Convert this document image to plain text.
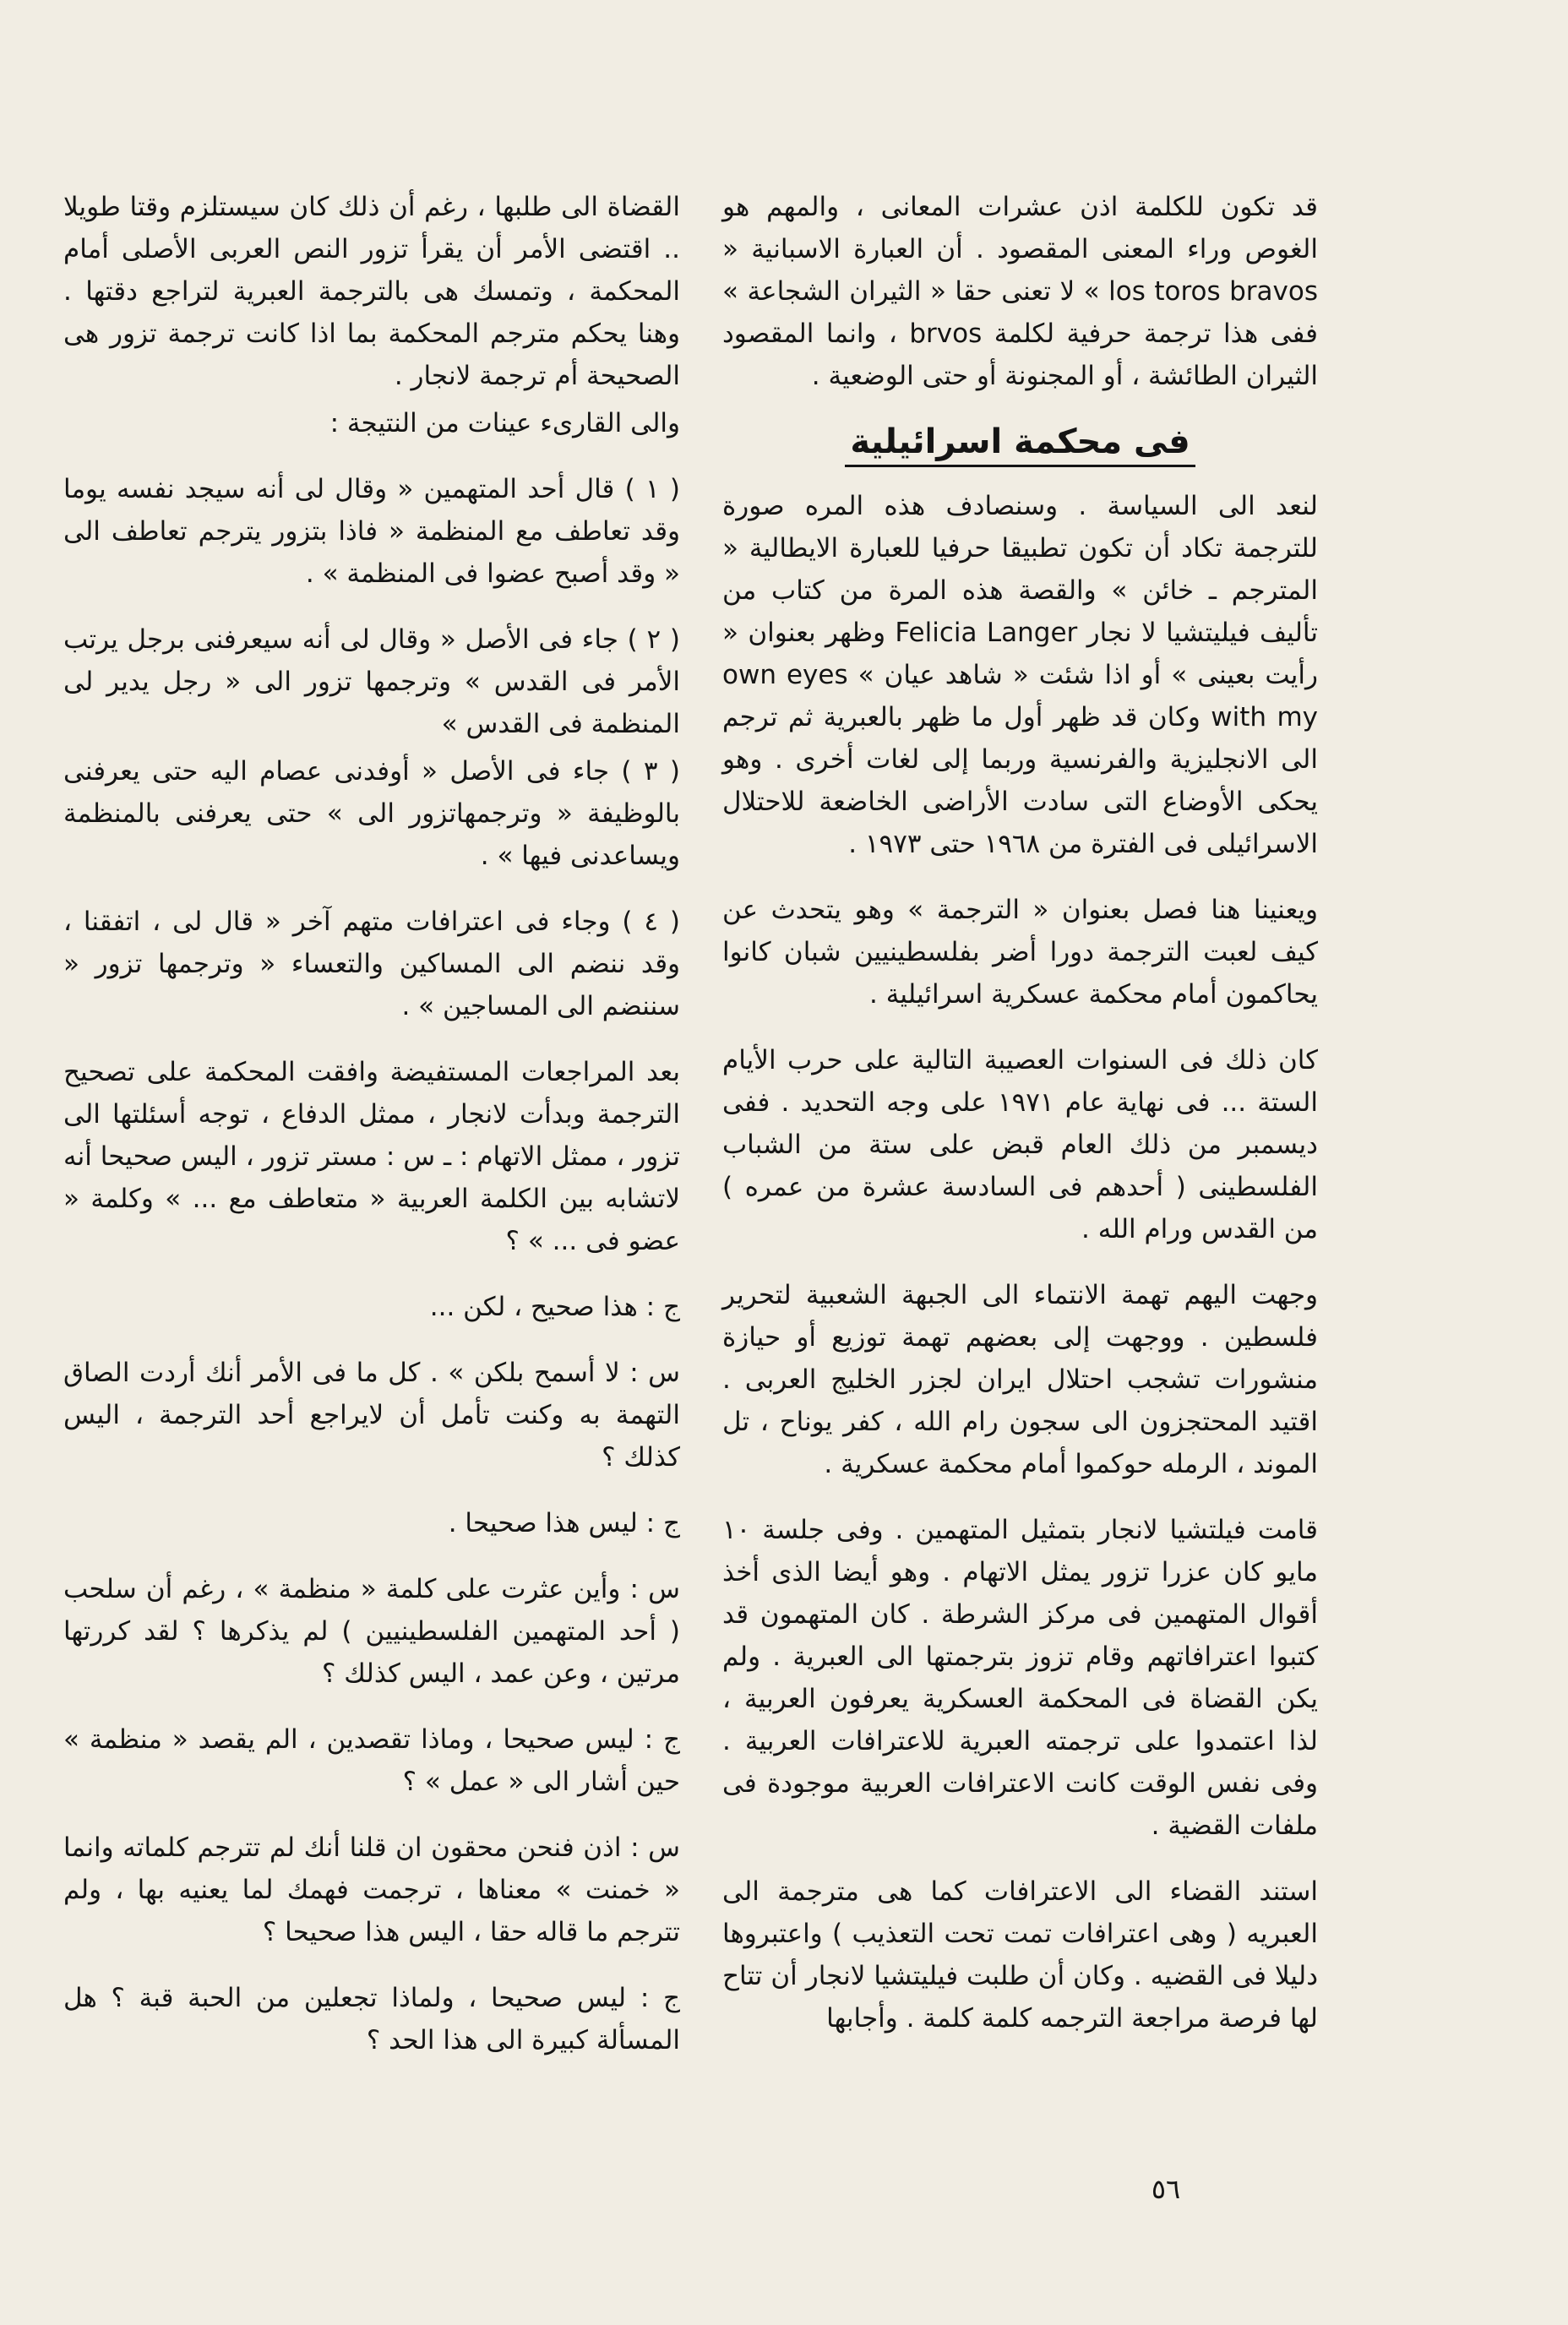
قد تكون للكلمة اذن عشرات المعانى ، والمهم هو الغوص وراء المعنى المقصود . أن العبارة الاسبانية « los toros bravos » لا تعنى حقا « الثيران الشجاعة » ففى هذا ترجمة حرفية لكلمة brvos ، وانما المقصود الثيران الطائشة ، أو المجنونة أو حتى الوضعية .

فى محكمة اسرائيلية

لنعد الى السياسة . وسنصادف هذه المره صورة للترجمة تكاد أن تكون تطبيقا حرفيا للعبارة الايطالية « المترجم ـ خائن » والقصة هذه المرة من كتاب من تأليف فيليتشيا لا نجار Felicia Langer وظهر بعنوان « رأيت بعينى » أو اذا شئت « شاهد عيان » own eyes with my وكان قد ظهر أول ما ظهر بالعبرية ثم ترجم الى الانجليزية والفرنسية وربما إلى لغات أخرى . وهو يحكى الأوضاع التى سادت الأراضى الخاضعة للاحتلال الاسرائيلى فى الفترة من ١٩٦٨ حتى ١٩٧٣ .

ويعنينا هنا فصل بعنوان « الترجمة » وهو يتحدث عن كيف لعبت الترجمة دورا أضر بفلسطينيين شبان كانوا يحاكمون أمام محكمة عسكرية اسرائيلية .

كان ذلك فى السنوات العصيبة التالية على حرب الأيام الستة ... فى نهاية عام ١٩٧١ على وجه التحديد . ففى ديسمبر من ذلك العام قبض على ستة من الشباب الفلسطينى ( أحدهم فى السادسة عشرة من عمره ) من القدس ورام الله .

وجهت اليهم تهمة الانتماء الى الجبهة الشعبية لتحرير فلسطين . ووجهت إلى بعضهم تهمة توزيع أو حيازة منشورات تشجب احتلال ايران لجزر الخليج العربى . اقتيد المحتجزون الى سجون رام الله ، كفر يوناح ، تل الموند ، الرمله حوكموا أمام محكمة عسكرية .

قامت فيلتشيا لانجار بتمثيل المتهمين . وفى جلسة ١٠ مايو كان عزرا تزور يمثل الاتهام . وهو أيضا الذى أخذ أقوال المتهمين فى مركز الشرطة . كان المتهمون قد كتبوا اعترافاتهم وقام تزوز بترجمتها الى العبرية . ولم يكن القضاة فى المحكمة العسكرية يعرفون العربية ، لذا اعتمدوا على ترجمته العبرية للاعترافات العربية . وفى نفس الوقت كانت الاعترافات العربية موجودة فى ملفات القضية .

استند القضاء الى الاعترافات كما هى مترجمة الى العبريه ( وهى اعترافات تمت تحت التعذيب ) واعتبروها دليلا فى القضيه . وكان أن طلبت فيليتشيا لانجار أن تتاح لها فرصة مراجعة الترجمه كلمة كلمة . وأجابها

القضاة الى طلبها ، رغم أن ذلك كان سيستلزم وقتا طويلا .. اقتضى الأمر أن يقرأ تزور النص العربى الأصلى أمام المحكمة ، وتمسك هى بالترجمة العبرية لتراجع دقتها . وهنا يحكم مترجم المحكمة بما اذا كانت ترجمة تزور هى الصحيحة أم ترجمة لانجار .

والى القارىء عينات من النتيجة :

( ١ ) قال أحد المتهمين « وقال لى أنه سيجد نفسه يوما وقد تعاطف مع المنظمة « فاذا بتزور يترجم تعاطف الى « وقد أصبح عضوا فى المنظمة » .

( ٢ ) جاء فى الأصل « وقال لى أنه سيعرفنى برجل يرتب الأمر فى القدس » وترجمها تزور الى « رجل يدير لى المنظمة فى القدس »

( ٣ ) جاء فى الأصل « أوفدنى عصام اليه حتى يعرفنى بالوظيفة « وترجمهاتزور الى » حتى يعرفنى بالمنظمة ويساعدنى فيها » .

( ٤ ) وجاء فى اعترافات متهم آخر « قال لى ، اتفقنا ، وقد ننضم الى المساكين والتعساء « وترجمها تزور « سننضم الى المساجين » .

بعد المراجعات المستفيضة وافقت المحكمة على تصحيح الترجمة وبدأت لانجار ، ممثل الدفاع ، توجه أسئلتها الى تزور ، ممثل الاتهام : ـ س : مستر تزور ، اليس صحيحا أنه لاتشابه بين الكلمة العربية « متعاطف مع ... » وكلمة « عضو فى ... » ؟

ج : هذا صحيح ، لكن ...

س : لا أسمح بلكن » . كل ما فى الأمر أنك أردت الصاق التهمة به وكنت تأمل أن لايراجع أحد الترجمة ، اليس كذلك ؟

ج : ليس هذا صحيحا .

س : وأين عثرت على كلمة « منظمة » ، رغم أن سلحب ( أحد المتهمين الفلسطينيين ) لم يذكرها ؟ لقد كررتها مرتين ، وعن عمد ، اليس كذلك ؟

ج : ليس صحيحا ، وماذا تقصدين ، الم يقصد « منظمة » حين أشار الى « عمل » ؟

س : اذن فنحن محقون ان قلنا أنك لم تترجم كلماته وانما « خمنت » معناها ، ترجمت فهمك لما يعنيه بها ، ولم تترجم ما قاله حقا ، اليس هذا صحيحا ؟

ج : ليس صحيحا ، ولماذا تجعلين من الحبة قبة ؟ هل المسألة كبيرة الى هذا الحد ؟

٥٦
